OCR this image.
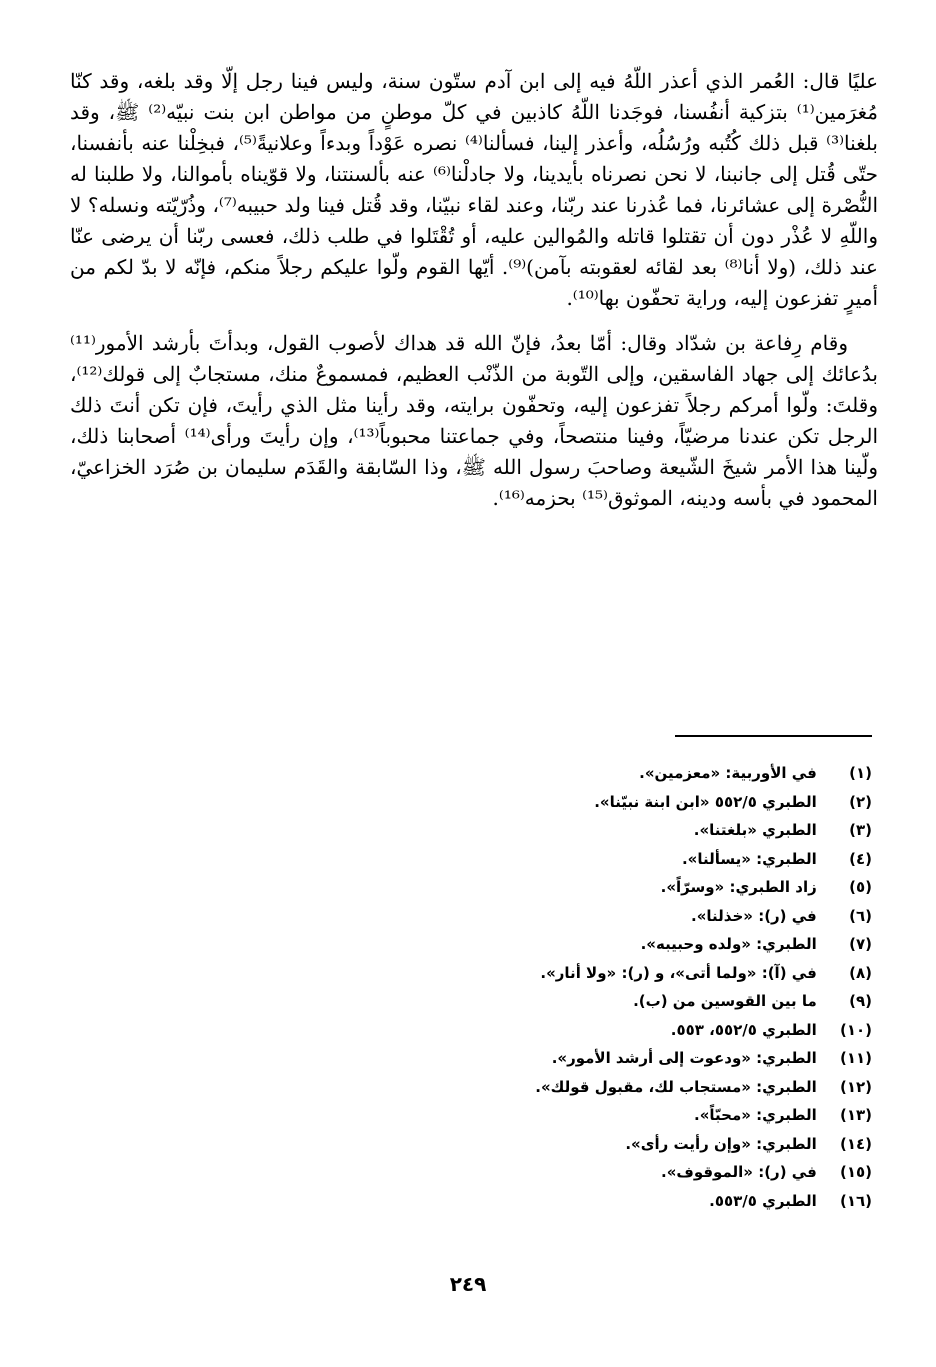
عليًا قال: العُمر الذي أعذر اللّهُ فيه إلى ابن آدم ستّون سنة، وليس فينا رجل إلّا وقد بلغه، وقد كنّا مُغرَمين⁽¹⁾ بتزكية أنفُسنا، فوجَدنا اللّهُ كاذبين في كلّ موطنٍ من مواطن ابن بنت نبيّه⁽²⁾ ﷺ، وقد بلغنا⁽³⁾ قبل ذلك كُتُبه ورُسُلُه، وأعذر إلينا، فسألنا⁽⁴⁾ نصره عَوْداً وبدءاً وعلانيةً⁽⁵⁾، فبخِلْنا عنه بأنفسنا، حتّى قُتل إلى جانبنا، لا نحن نصرناه بأيدينا، ولا جادلْنا⁽⁶⁾ عنه بألسنتنا، ولا قوّيناه بأموالنا، ولا طلبنا له النُّصْرة إلى عشائرنا، فما عُذرنا عند ربّنا، وعند لقاء نبيّنا، وقد قُتل فينا ولد حبيبه⁽⁷⁾، وذُرّيّته ونسله؟ لا واللّهِ لا عُذْر دون أن تقتلوا قاتله والمُوالين عليه، أو تُقْتَلوا في طلب ذلك، فعسى ربّنا أن يرضى عنّا عند ذلك، (ولا أنا⁽⁸⁾ بعد لقائه لعقوبته بآمن)⁽⁹⁾. أيّها القوم ولّوا عليكم رجلاً منكم، فإنّه لا بدّ لكم من أميرٍ تفزعون إليه، وراية تحفّون بها⁽¹⁰⁾.

وقام رِفاعة بن شدّاد وقال: أمّا بعدُ، فإنّ الله قد هداك لأصوب القول، وبدأتَ بأرشد الأمور⁽¹¹⁾ بدُعائك إلى جهاد الفاسقين، وإلى التّوبة من الذّنْب العظيم، فمسموعٌ منك، مستجابٌ إلى قولك⁽¹²⁾، وقلتَ: ولّوا أمركم رجلاً تفزعون إليه، وتحفّون برايته، وقد رأينا مثل الذي رأيتَ، فإن تكن أنتَ ذلك الرجل تكن عندنا مرضيّاً، وفينا منتصحاً، وفي جماعتنا محبوباً⁽¹³⁾، وإن رأيتَ ورأى⁽¹⁴⁾ أصحابنا ذلك، ولّينا هذا الأمر شيخَ الشّيعة وصاحبَ رسول الله ﷺ، وذا السّابقة والقَدَم سليمان بن صُرَد الخزاعيّ، المحمود في بأسه ودينه، الموثوق⁽¹⁵⁾ بحزمه⁽¹⁶⁾.

(١) في الأوربية: «معزمين».
(٢) الطبري ٥٥٢/٥ «ابن ابنة نبيّنا».
(٣) الطبري «بلغتنا».
(٤) الطبري: «يسألنا».
(٥) زاد الطبري: «وسرّاً».
(٦) في (ر): «خذلنا».
(٧) الطبري: «ولده وحبيبه».
(٨) في (آ): «ولما أتى»، و (ر): «ولا أنار».
(٩) ما بين القوسين من (ب).
(١٠) الطبري ٥٥٢/٥، ٥٥٣.
(١١) الطبري: «ودعوت إلى أرشد الأمور».
(١٢) الطبري: «مستجاب لك، مقبول قولك».
(١٣) الطبري: «محبّاً».
(١٤) الطبري: «وإن رأيت رأى».
(١٥) في (ر): «الموقوف».
(١٦) الطبري ٥٥٣/٥.
٢٤٩
